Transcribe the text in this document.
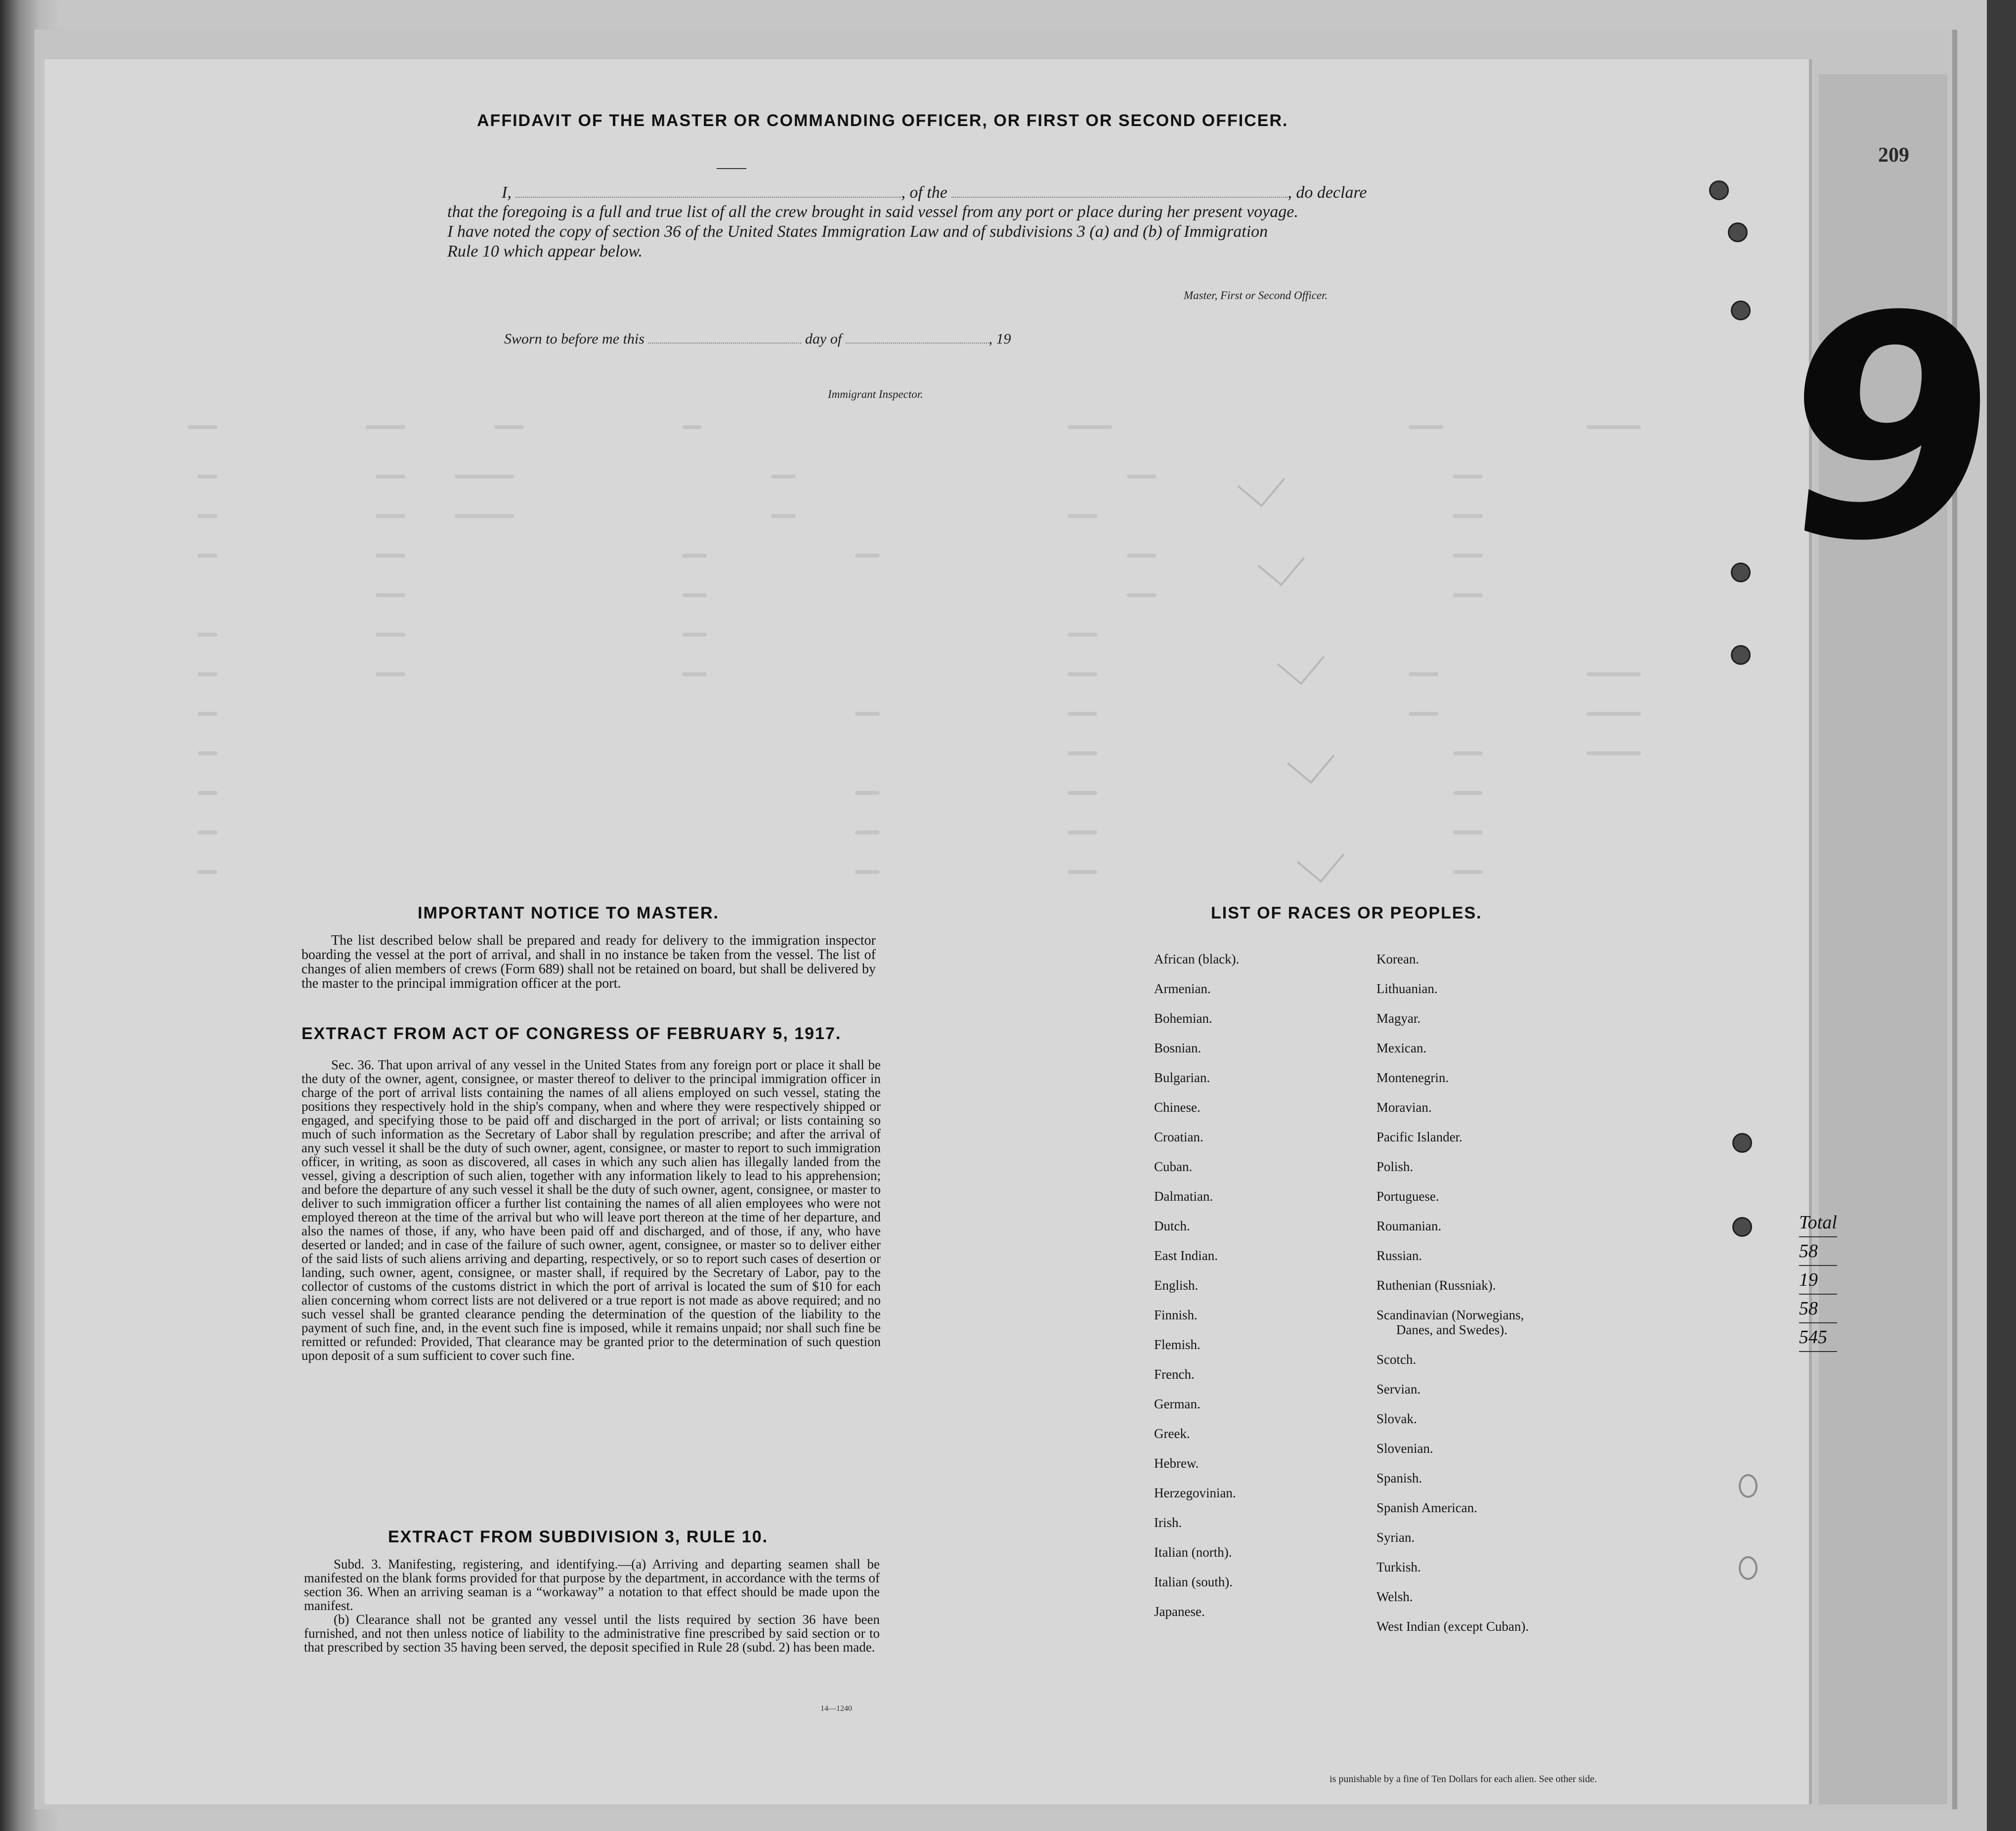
209
9
AFFIDAVIT OF THE MASTER OR COMMANDING OFFICER, OR FIRST OR SECOND OFFICER.
I,	, of the	, do declare
that the foregoing is a full and true list of all the crew brought in said vessel from any port or place during her present voyage.
I have noted the copy of section 36 of the United States Immigration Law and of subdivisions 3 (a) and (b) of Immigration
Rule 10 which appear below.
Master, First or Second Officer.
Sworn to before me this	day of	, 19
Immigrant Inspector.
IMPORTANT NOTICE TO MASTER.

The list described below shall be prepared and ready for delivery to the immigration inspector boarding the vessel at the port of arrival, and shall in no instance be taken from the vessel. The list of changes of alien members of crews (Form 689) shall not be retained on board, but shall be delivered by the master to the principal immigration officer at the port.

EXTRACT FROM ACT OF CONGRESS OF FEBRUARY 5, 1917.

Sec. 36. That upon arrival of any vessel in the United States from any foreign port or place it shall be the duty of the owner, agent, consignee, or master thereof to deliver to the principal immigration officer in charge of the port of arrival lists containing the names of all aliens employed on such vessel, stating the positions they respectively hold in the ship's company, when and where they were respectively shipped or engaged, and specifying those to be paid off and discharged in the port of arrival; or lists containing so much of such information as the Secretary of Labor shall by regulation prescribe; and after the arrival of any such vessel it shall be the duty of such owner, agent, consignee, or master to report to such immigration officer, in writing, as soon as discovered, all cases in which any such alien has illegally landed from the vessel, giving a description of such alien, together with any information likely to lead to his apprehension; and before the departure of any such vessel it shall be the duty of such owner, agent, consignee, or master to deliver to such immigration officer a further list containing the names of all alien employees who were not employed thereon at the time of the arrival but who will leave port thereon at the time of her departure, and also the names of those, if any, who have been paid off and discharged, and of those, if any, who have deserted or landed; and in case of the failure of such owner, agent, consignee, or master so to deliver either of the said lists of such aliens arriving and departing, respectively, or so to report such cases of desertion or landing, such owner, agent, consignee, or master shall, if required by the Secretary of Labor, pay to the collector of customs of the customs district in which the port of arrival is located the sum of $10 for each alien concerning whom correct lists are not delivered or a true report is not made as above required; and no such vessel shall be granted clearance pending the determination of the question of the liability to the payment of such fine, and, in the event such fine is imposed, while it remains unpaid; nor shall such fine be remitted or refunded: Provided, That clearance may be granted prior to the determination of such question upon deposit of a sum sufficient to cover such fine.

EXTRACT FROM SUBDIVISION 3, RULE 10.

Subd. 3. Manifesting, registering, and identifying.—(a) Arriving and departing seamen shall be manifested on the blank forms provided for that purpose by the department, in accordance with the terms of section 36. When an arriving seaman is a “workaway” a notation to that effect should be made upon the manifest.

(b) Clearance shall not be granted any vessel until the lists required by section 36 have been furnished, and not then unless notice of liability to the administrative fine prescribed by said section or to that prescribed by section 35 having been served, the deposit specified in Rule 28 (subd. 2) has been made.

14—1240
LIST OF RACES OR PEOPLES.
African (black).
Armenian.
Bohemian.
Bosnian.
Bulgarian.
Chinese.
Croatian.
Cuban.
Dalmatian.
Dutch.
East Indian.
English.
Finnish.
Flemish.
French.
German.
Greek.
Hebrew.
Herzegovinian.
Irish.
Italian (north).
Italian (south).
Japanese.
Korean.
Lithuanian.
Magyar.
Mexican.
Montenegrin.
Moravian.
Pacific Islander.
Polish.
Portuguese.
Roumanian.
Russian.
Ruthenian (Russniak).
Scandinavian (Norwegians,
Danes, and Swedes).
Scotch.
Servian.
Slovak.
Slovenian.
Spanish.
Spanish American.
Syrian.
Turkish.
Welsh.
West Indian (except Cuban).
Total
58
19
58
545
is punishable by a fine of Ten Dollars for each alien. See other side.
